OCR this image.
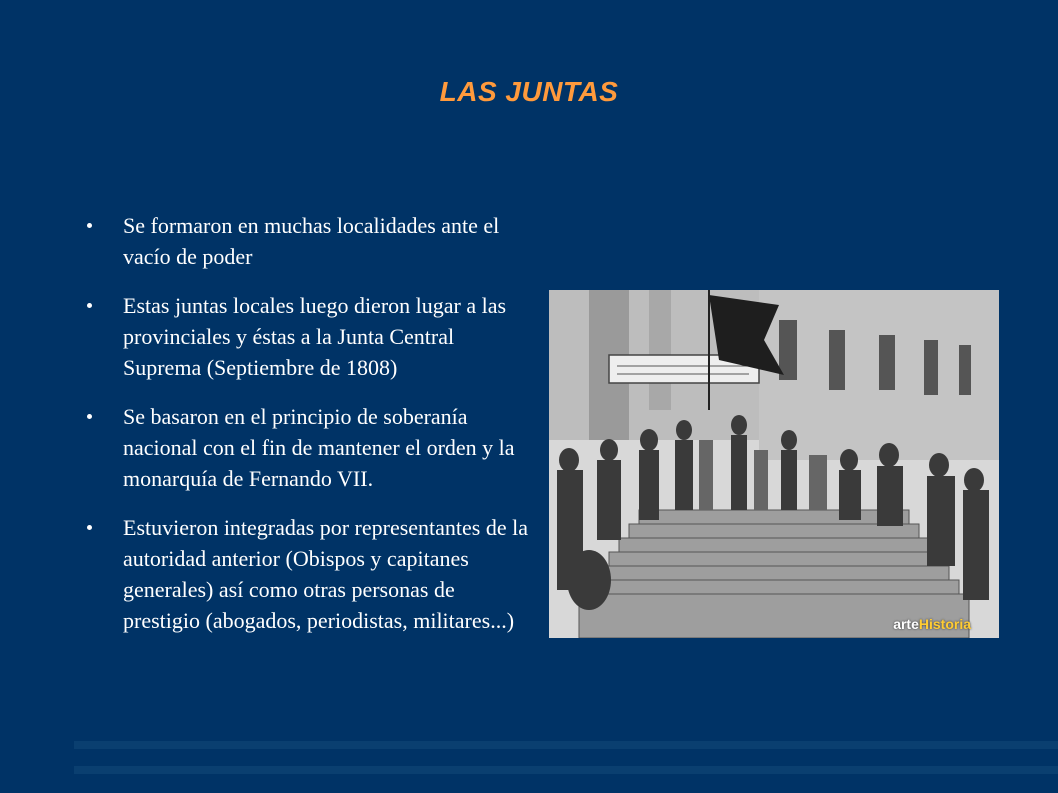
LAS JUNTAS
Se formaron en muchas localidades ante el vacío de poder
Estas juntas locales luego dieron lugar a las provinciales y éstas a la Junta Central Suprema (Septiembre de 1808)
Se basaron en el principio de soberanía nacional con el fin de mantener el orden y la monarquía de Fernando VII.
Estuvieron integradas por representantes de la autoridad anterior (Obispos y capitanes generales) así como otras personas de prestigio (abogados, periodistas, militares...)	arteHistoria
